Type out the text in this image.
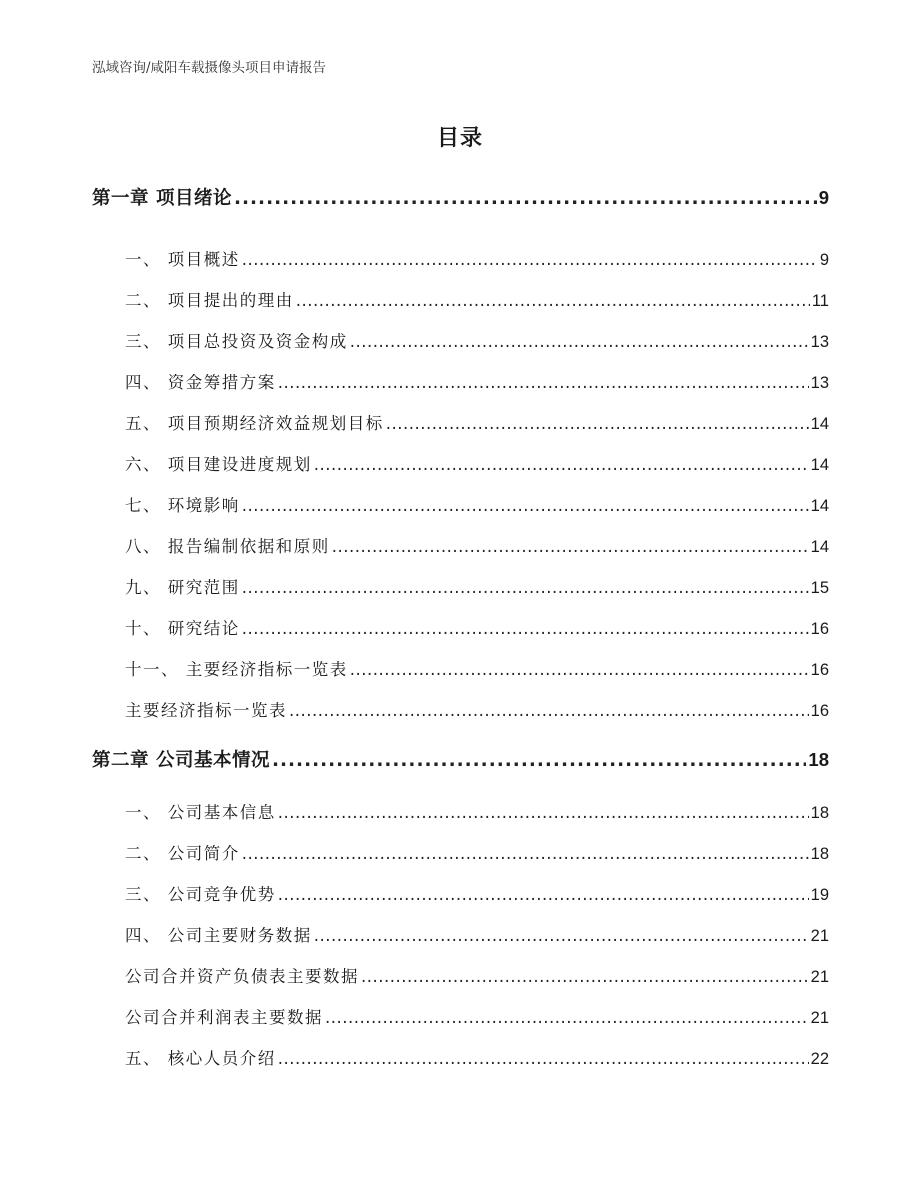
泓域咨询/咸阳车载摄像头项目申请报告
目录
第一章 项目绪论 .....	9
一、 项目概述 .....	9
二、 项目提出的理由 .....	11
三、 项目总投资及资金构成 .....	13
四、 资金筹措方案 .....	13
五、 项目预期经济效益规划目标 .....	14
六、 项目建设进度规划 .....	14
七、 环境影响 .....	14
八、 报告编制依据和原则 .....	14
九、 研究范围 .....	15
十、 研究结论 .....	16
十一、 主要经济指标一览表 .....	16
主要经济指标一览表 .....	16
第二章 公司基本情况 .....	18
一、 公司基本信息 .....	18
二、 公司简介 .....	18
三、 公司竞争优势 .....	19
四、 公司主要财务数据 .....	21
公司合并资产负债表主要数据 .....	21
公司合并利润表主要数据 .....	21
五、 核心人员介绍 .....	22
